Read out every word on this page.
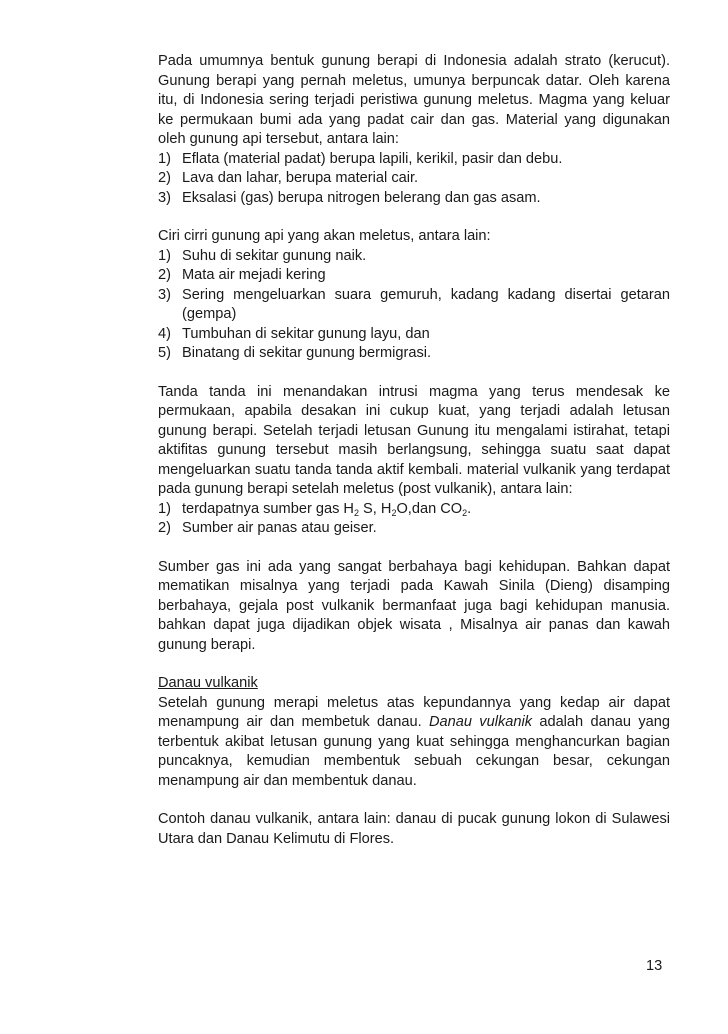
Pada umumnya bentuk gunung berapi di Indonesia adalah strato (kerucut). Gunung berapi yang pernah meletus, umunya berpuncak datar. Oleh karena itu, di Indonesia sering terjadi peristiwa gunung meletus. Magma yang keluar ke permukaan bumi ada yang padat cair dan gas. Material yang digunakan oleh gunung api tersebut, antara lain:

1) Eflata (material padat) berupa lapili, kerikil, pasir dan debu.
2) Lava dan lahar, berupa material cair.
3) Eksalasi (gas) berupa nitrogen belerang dan gas asam.

Ciri cirri gunung api yang akan meletus, antara lain:

1) Suhu di sekitar gunung naik.
2) Mata air mejadi kering
3) Sering mengeluarkan suara gemuruh, kadang kadang disertai getaran (gempa)
4) Tumbuhan di sekitar gunung layu, dan
5) Binatang di sekitar gunung bermigrasi.

Tanda tanda ini menandakan intrusi magma yang terus mendesak ke permukaan, apabila desakan ini cukup kuat, yang terjadi adalah letusan gunung berapi. Setelah terjadi letusan Gunung itu mengalami istirahat, tetapi aktifitas gunung tersebut masih berlangsung, sehingga suatu saat dapat mengeluarkan suatu tanda tanda aktif kembali. material vulkanik yang terdapat pada gunung berapi setelah meletus (post vulkanik), antara lain:

1) terdapatnya sumber gas $H_2$ S, $H_2O,dan$ $CO_2$.
2) Sumber air panas atau geiser.

Sumber gas ini ada yang sangat berbahaya bagi kehidupan. Bahkan dapat mematikan misalnya yang terjadi pada Kawah Sinila (Dieng) disamping berbahaya, gejala post vulkanik bermanfaat juga bagi kehidupan manusia. bahkan dapat juga dijadikan objek wisata , Misalnya air panas dan kawah gunung berapi.

Danau vulkanik

Setelah gunung merapi meletus atas kepundannya yang kedap air dapat menampung air dan membetuk danau. Danau vulkanik adalah danau yang terbentuk akibat letusan gunung yang kuat sehingga menghancurkan bagian puncaknya, kemudian membentuk sebuah cekungan besar, cekungan menampung air dan membentuk danau.

Contoh danau vulkanik, antara lain: danau di pucak gunung lokon di Sulawesi Utara dan Danau Kelimutu di Flores.

13
